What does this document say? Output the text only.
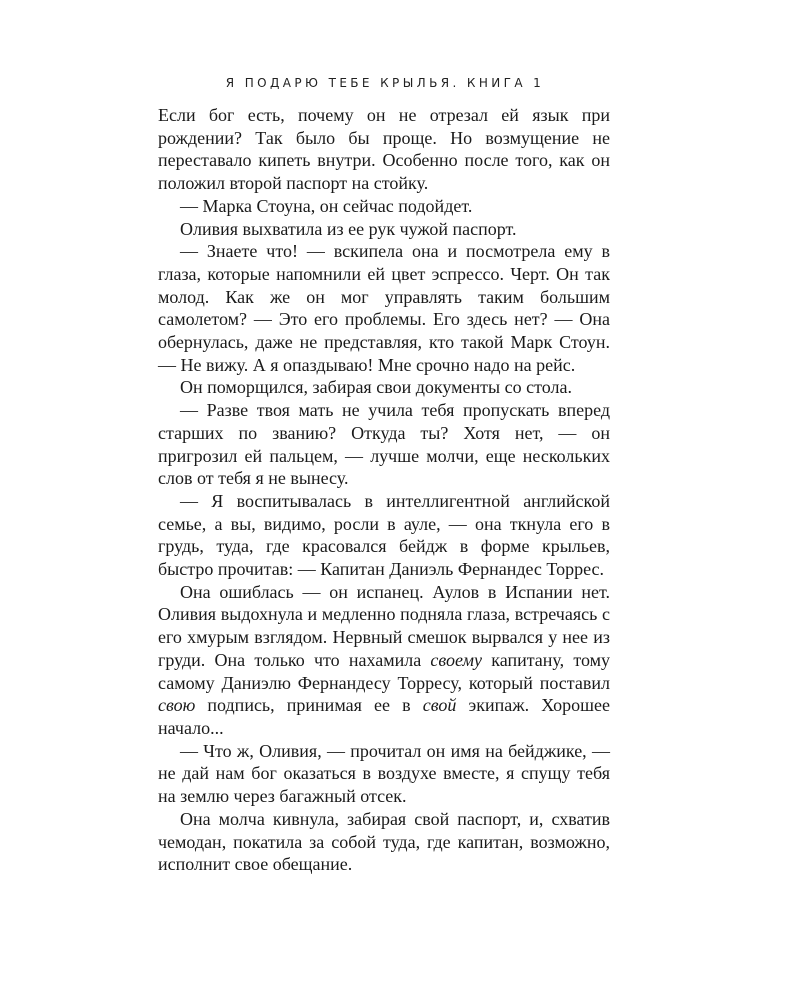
Я ПОДАРЮ ТЕБЕ КРЫЛЬЯ. КНИГА 1

Если бог есть, почему он не отрезал ей язык при рождении? Так было бы проще. Но возмущение не переставало кипеть внутри. Особенно после того, как он положил второй паспорт на стойку.

— Марка Стоуна, он сейчас подойдет.

Оливия выхватила из ее рук чужой паспорт.

— Знаете что! — вскипела она и посмотрела ему в глаза, которые напомнили ей цвет эспрессо. Черт. Он так молод. Как же он мог управлять таким большим самолетом? — Это его проблемы. Его здесь нет? — Она обернулась, даже не представляя, кто такой Марк Стоун. — Не вижу. А я опаздываю! Мне срочно надо на рейс.

Он поморщился, забирая свои документы со стола.

— Разве твоя мать не учила тебя пропускать вперед старших по званию? Откуда ты? Хотя нет, — он пригрозил ей пальцем, — лучше молчи, еще нескольких слов от тебя я не вынесу.

— Я воспитывалась в интеллигентной английской семье, а вы, видимо, росли в ауле, — она ткнула его в грудь, туда, где красовался бейдж в форме крыльев, быстро прочитав: — Капитан Даниэль Фернандес Торрес.

Она ошиблась — он испанец. Аулов в Испании нет. Оливия выдохнула и медленно подняла глаза, встречаясь с его хмурым взглядом. Нервный смешок вырвался у нее из груди. Она только что нахамила своему капитану, тому самому Даниэлю Фернандесу Торресу, который поставил свою подпись, принимая ее в свой экипаж. Хорошее начало...

— Что ж, Оливия, — прочитал он имя на бейджике, — не дай нам бог оказаться в воздухе вместе, я спущу тебя на землю через багажный отсек.

Она молча кивнула, забирая свой паспорт, и, схватив чемодан, покатила за собой туда, где капитан, возможно, исполнит свое обещание.
